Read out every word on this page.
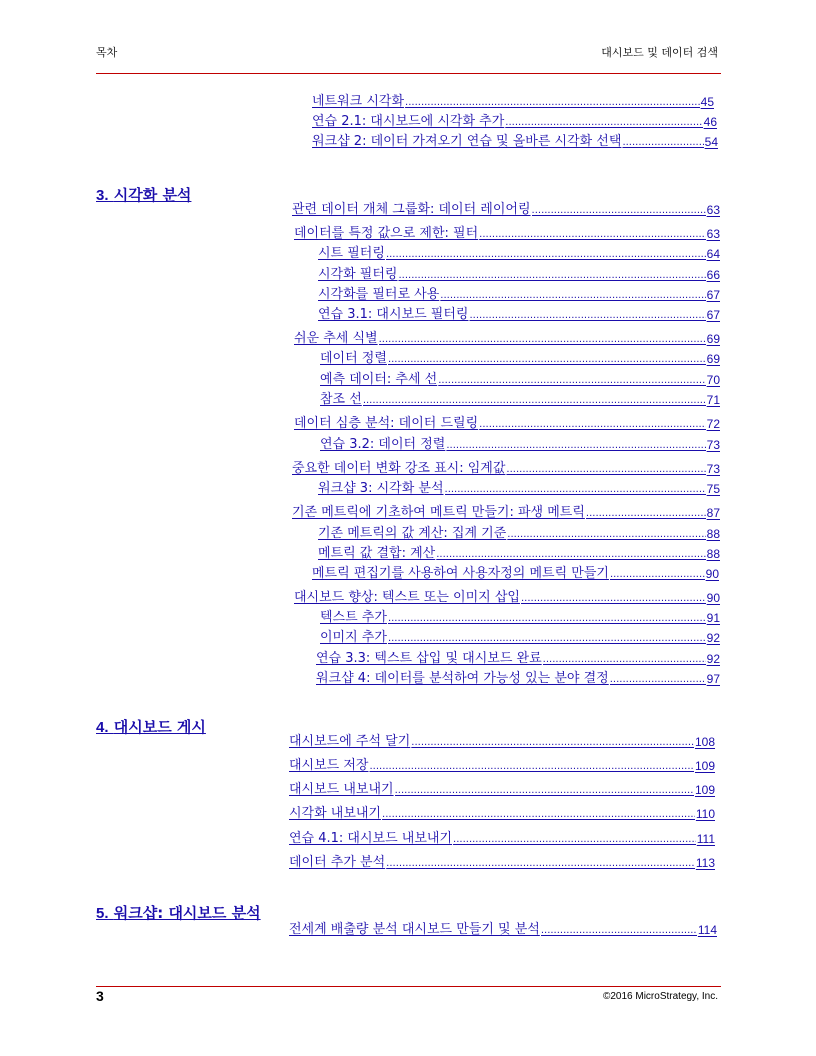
목차	대시보드 및 데이터 검색
네트워크 시각화 .....	45
연습 2.1: 대시보드에 시각화 추가 .....	46
워크샵 2: 데이터 가져오기 연습 및 올바른 시각화 선택 .....	54
3. 시각화 분석
관련 데이터 개체 그룹화: 데이터 레이어링 .....	63
데이터를 특정 값으로 제한: 필터 .....	63
시트 필터링 .....	64
시각화 필터링 .....	66
시각화를 필터로 사용 .....	67
연습 3.1: 대시보드 필터링 .....	67
쉬운 추세 식별 .....	69
데이터 정렬 .....	69
예측 데이터: 추세 선 .....	70
참조 선 .....	71
데이터 심층 분석: 데이터 드릴링 .....	72
연습 3.2: 데이터 정렬 .....	73
중요한 데이터 변화 강조 표시: 임계값 .....	73
워크샵 3: 시각화 분석 .....	75
기존 메트릭에 기초하여 메트릭 만들기: 파생 메트릭 .....	87
기존 메트릭의 값 계산: 집계 기준 .....	88
메트릭 값 결합: 계산 .....	88
메트릭 편집기를 사용하여 사용자정의 메트릭 만들기 .....	90
대시보드 향상: 텍스트 또는 이미지 삽입 .....	90
텍스트 추가 .....	91
이미지 추가 .....	92
연습 3.3: 텍스트 삽입 및 대시보드 완료 .....	92
워크샵 4: 데이터를 분석하여 가능성 있는 분야 결정 .....	97
4. 대시보드 게시
대시보드에 주석 달기 .....	108
대시보드 저장 .....	109
대시보드 내보내기 .....	109
시각화 내보내기 .....	110
연습 4.1: 대시보드 내보내기 .....	111
데이터 추가 분석 .....	113
5. 워크샵: 대시보드 분석
전세계 배출량 분석 대시보드 만들기 및 분석 .....	114
3	©2016 MicroStrategy, Inc.
